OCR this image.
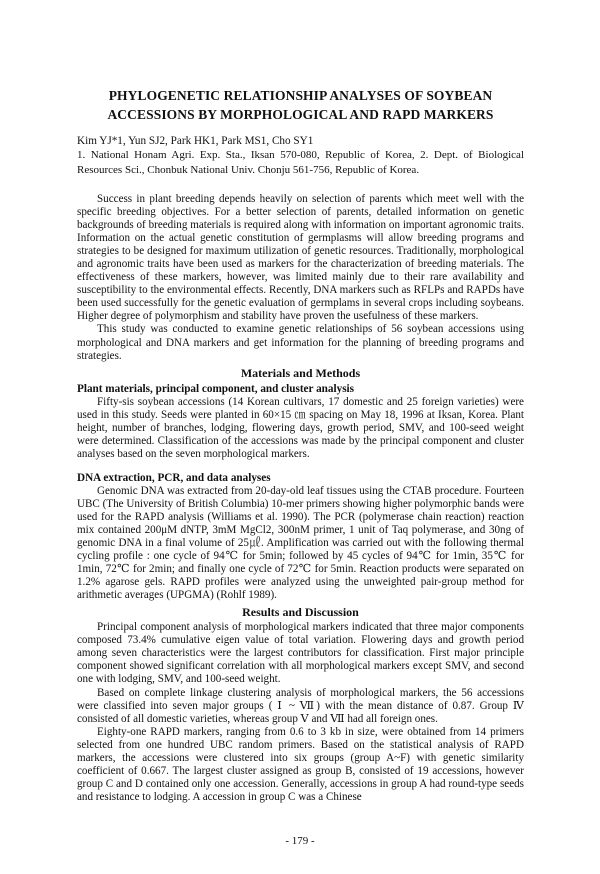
PHYLOGENETIC RELATIONSHIP ANALYSES OF SOYBEAN
ACCESSIONS BY MORPHOLOGICAL AND RAPD MARKERS
Kim YJ*1, Yun SJ2, Park HK1, Park MS1, Cho SY1
1. National Honam Agri. Exp. Sta., Iksan 570-080, Republic of Korea, 2. Dept. of Biological Resources Sci., Chonbuk National Univ. Chonju 561-756, Republic of Korea.

Success in plant breeding depends heavily on selection of parents which meet well with the specific breeding objectives. For a better selection of parents, detailed information on genetic backgrounds of breeding materials is required along with information on important agronomic traits. Information on the actual genetic constitution of germplasms will allow breeding programs and strategies to be designed for maximum utilization of genetic resources. Traditionally, morphological and agronomic traits have been used as markers for the characterization of breeding materials. The effectiveness of these markers, however, was limited mainly due to their rare availability and susceptibility to the environmental effects. Recently, DNA markers such as RFLPs and RAPDs have been used successfully for the genetic evaluation of germplams in several crops including soybeans. Higher degree of polymorphism and stability have proven the usefulness of these markers.

This study was conducted to examine genetic relationships of 56 soybean accessions using morphological and DNA markers and get information for the planning of breeding programs and strategies.

Materials and Methods
Plant materials, principal component, and cluster analysis

Fifty-sis soybean accessions (14 Korean cultivars, 17 domestic and 25 foreign varieties) were used in this study. Seeds were planted in 60×15 ㎝ spacing on May 18, 1996 at Iksan, Korea. Plant height, number of branches, lodging, flowering days, growth period, SMV, and 100-seed weight were determined. Classification of the accessions was made by the principal component and cluster analyses based on the seven morphological markers.

DNA extraction, PCR, and data analyses

Genomic DNA was extracted from 20-day-old leaf tissues using the CTAB procedure. Fourteen UBC (The University of British Columbia) 10-mer primers showing higher polymorphic bands were used for the RAPD analysis (Williams et al. 1990). The PCR (polymerase chain reaction) reaction mix contained 200μM dNTP, 3mM MgCl2, 300nM primer, 1 unit of Taq polymerase, and 30ng of genomic DNA in a final volume of 25㎕. Amplification was carried out with the following thermal cycling profile : one cycle of 94℃ for 5min; followed by 45 cycles of 94℃ for 1min, 35℃ for 1min, 72℃ for 2min; and finally one cycle of 72℃ for 5min. Reaction products were separated on 1.2% agarose gels. RAPD profiles were analyzed using the unweighted pair-group method for arithmetic averages (UPGMA) (Rohlf 1989).

Results and Discussion

Principal component analysis of morphological markers indicated that three major components composed 73.4% cumulative eigen value of total variation. Flowering days and growth period among seven characteristics were the largest contributors for classification. First major principle component showed significant correlation with all morphological markers except SMV, and second one with lodging, SMV, and 100-seed weight.

Based on complete linkage clustering analysis of morphological markers, the 56 accessions were classified into seven major groups ( Ⅰ ~ Ⅶ) with the mean distance of 0.87. Group Ⅳ consisted of all domestic varieties, whereas group Ⅴ and Ⅶ had all foreign ones.

Eighty-one RAPD markers, ranging from 0.6 to 3 kb in size, were obtained from 14 primers selected from one hundred UBC random primers. Based on the statistical analysis of RAPD markers, the accessions were clustered into six groups (group A~F) with genetic similarity coefficient of 0.667. The largest cluster assigned as group B, consisted of 19 accessions, however group C and D contained only one accession. Generally, accessions in group A had round-type seeds and resistance to lodging. A accession in group C was a Chinese

- 179 -
